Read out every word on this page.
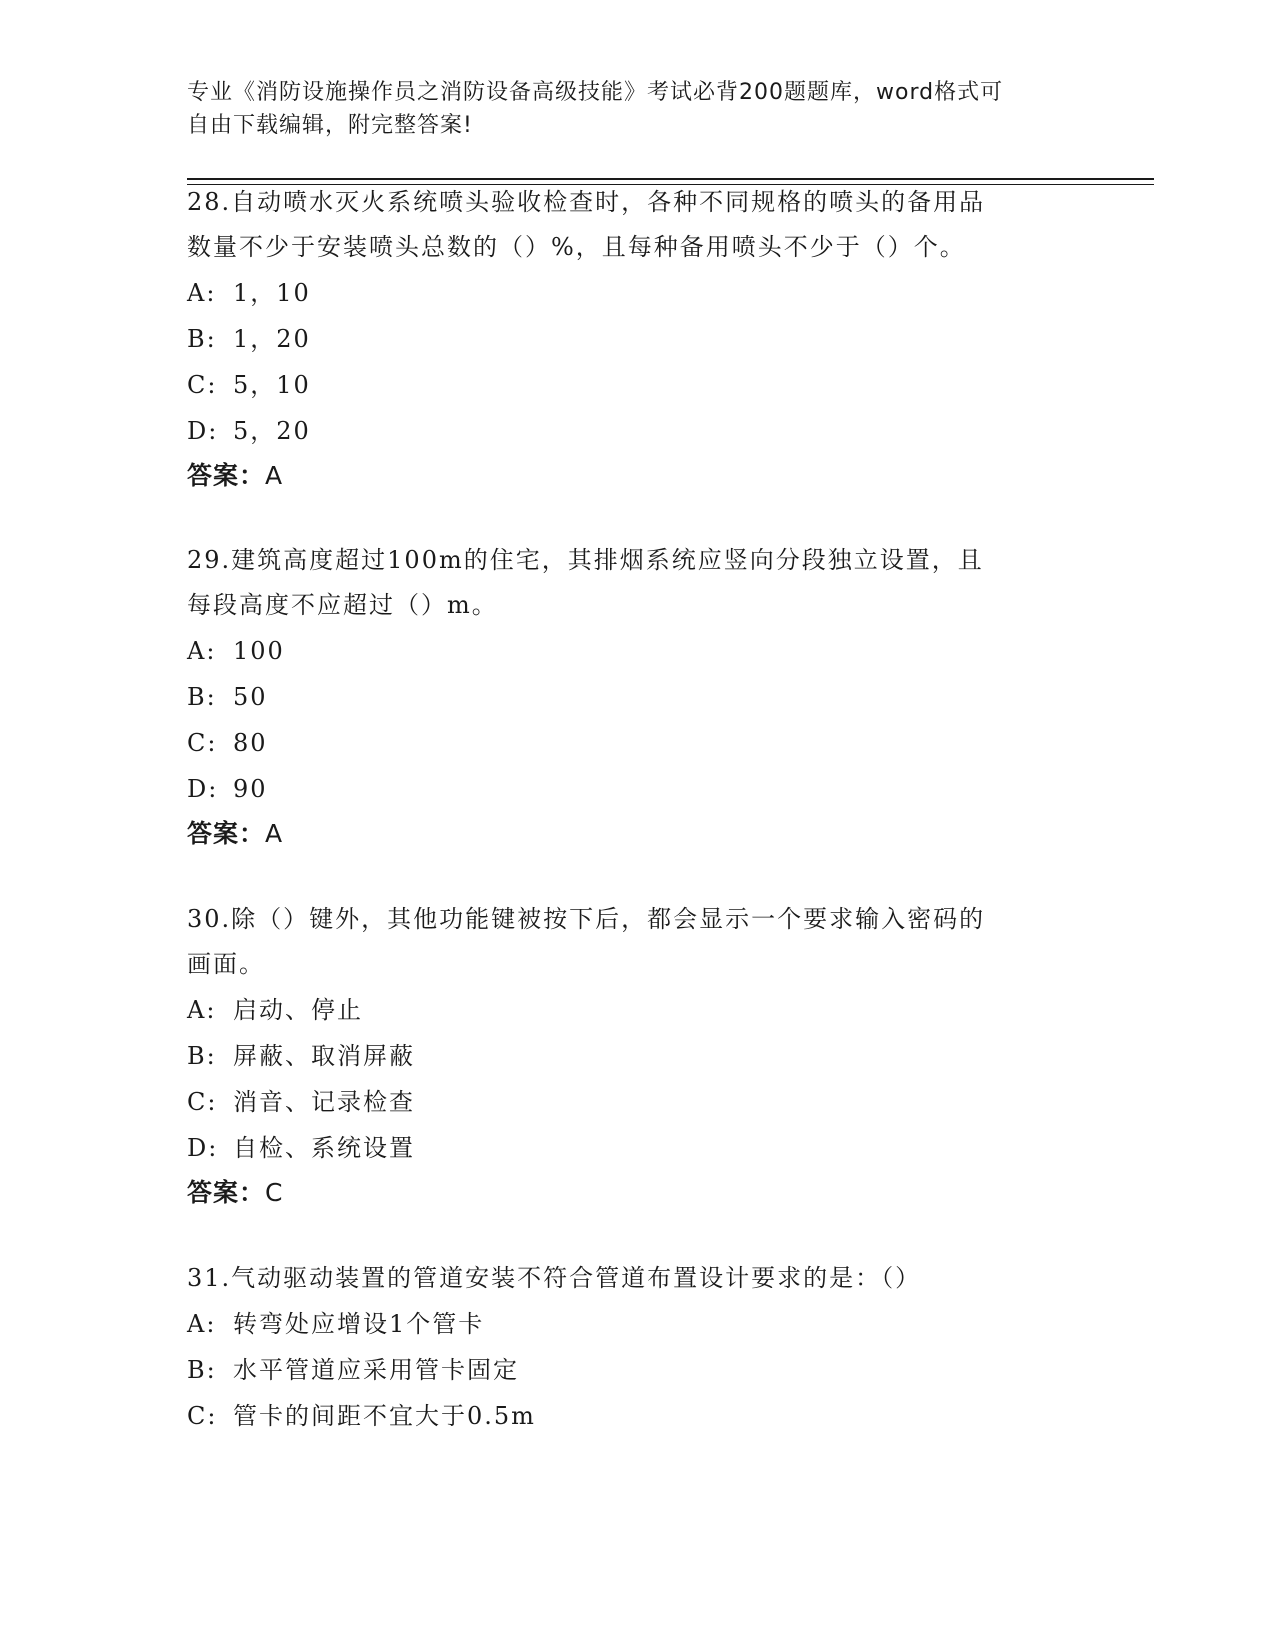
专业《消防设施操作员之消防设备高级技能》考试必背200题题库，word格式可
自由下载编辑，附完整答案!
28.自动喷水灭火系统喷头验收检查时，各种不同规格的喷头的备用品
数量不少于安装喷头总数的（）%，且每种备用喷头不少于（）个。
A: 1，10
B: 1，20
C: 5，10
D: 5，20
答案：A
29.建筑高度超过100m的住宅，其排烟系统应竖向分段独立设置，且
每段高度不应超过（）m。
A: 100
B: 50
C: 80
D: 90
答案：A
30.除（）键外，其他功能键被按下后，都会显示一个要求输入密码的
画面。
A: 启动、停止
B: 屏蔽、取消屏蔽
C: 消音、记录检查
D: 自检、系统设置
答案：C
31.气动驱动装置的管道安装不符合管道布置设计要求的是：（）
A: 转弯处应增设1个管卡
B: 水平管道应采用管卡固定
C: 管卡的间距不宜大于0.5m
